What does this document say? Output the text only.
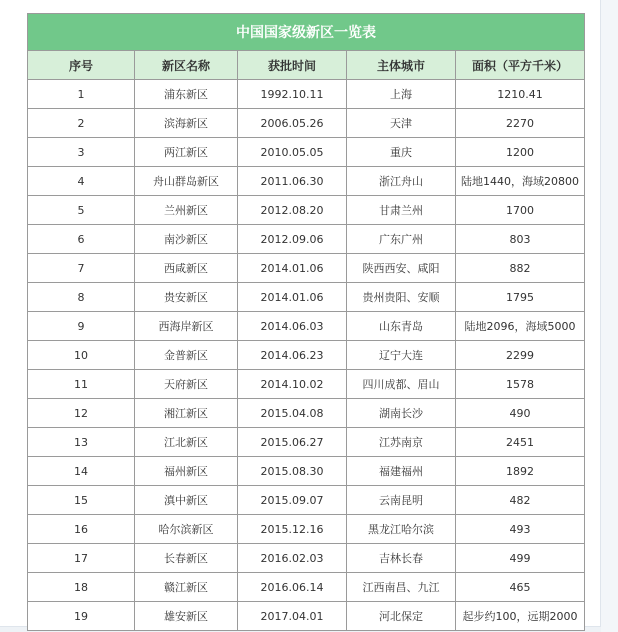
中国国家级新区一览表				
序号	新区名称	获批时间	主体城市	面积（平方千米）
1	浦东新区	1992.10.11	上海	1210.41
2	滨海新区	2006.05.26	天津	2270
3	两江新区	2010.05.05	重庆	1200
4	舟山群岛新区	2011.06.30	浙江舟山	陆地1440，海域20800
5	兰州新区	2012.08.20	甘肃兰州	1700
6	南沙新区	2012.09.06	广东广州	803
7	西咸新区	2014.01.06	陕西西安、咸阳	882
8	贵安新区	2014.01.06	贵州贵阳、安顺	1795
9	西海岸新区	2014.06.03	山东青岛	陆地2096，海域5000
10	金普新区	2014.06.23	辽宁大连	2299
11	天府新区	2014.10.02	四川成都、眉山	1578
12	湘江新区	2015.04.08	湖南长沙	490
13	江北新区	2015.06.27	江苏南京	2451
14	福州新区	2015.08.30	福建福州	1892
15	滇中新区	2015.09.07	云南昆明	482
16	哈尔滨新区	2015.12.16	黑龙江哈尔滨	493
17	长春新区	2016.02.03	吉林长春	499
18	赣江新区	2016.06.14	江西南昌、九江	465
19	雄安新区	2017.04.01	河北保定	起步约100，远期2000
